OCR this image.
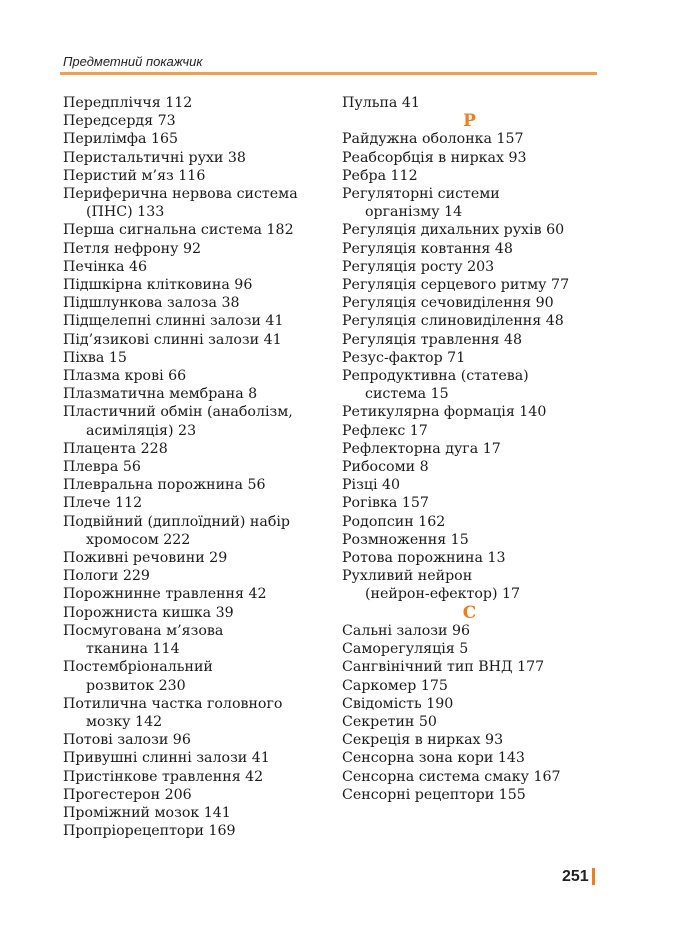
Предметний покажчик
Передпліччя 112
Передсердя 73
Перилімфа 165
Перистальтичні рухи 38
Перистий м’яз 116
Периферична нервова система
(ПНС) 133
Перша сигнальна система 182
Петля нефрону 92
Печінка 46
Підшкірна клітковина 96
Підшлункова залоза 38
Підщелепні слинні залози 41
Під’язикові слинні залози 41
Піхва 15
Плазма крові 66
Плазматична мембрана 8
Пластичний обмін (анаболізм,
асиміляція) 23
Плацента 228
Плевра 56
Плевральна порожнина 56
Плече 112
Подвійний (диплоїдний) набір
хромосом 222
Поживні речовини 29
Пологи 229
Порожнинне травлення 42
Порожниста кишка 39
Посмугована м’язова
тканина 114
Постембріональний
розвиток 230
Потилична частка головного
мозку 142
Потові залози 96
Привушні слинні залози 41
Пристінкове травлення 42
Прогестерон 206
Проміжний мозок 141
Пропріорецептори 169
Пульпа 41
Р
Райдужна оболонка 157
Реабсорбція в нирках 93
Ребра 112
Регуляторні системи
організму 14
Регуляція дихальних рухів 60
Регуляція ковтання 48
Регуляція росту 203
Регуляція серцевого ритму 77
Регуляція сечовиділення 90
Регуляція слиновиділення 48
Регуляція травлення 48
Резус-фактор 71
Репродуктивна (статева)
система 15
Ретикулярна формація 140
Рефлекс 17
Рефлекторна дуга 17
Рибосоми 8
Різці 40
Рогівка 157
Родопсин 162
Розмноження 15
Ротова порожнина 13
Рухливий нейрон
(нейрон-ефектор) 17
С
Сальні залози 96
Саморегуляція 5
Сангвінічний тип ВНД 177
Саркомер 175
Свідомість 190
Секретин 50
Секреція в нирках 93
Сенсорна зона кори 143
Сенсорна система смаку 167
Сенсорні рецептори 155
251
